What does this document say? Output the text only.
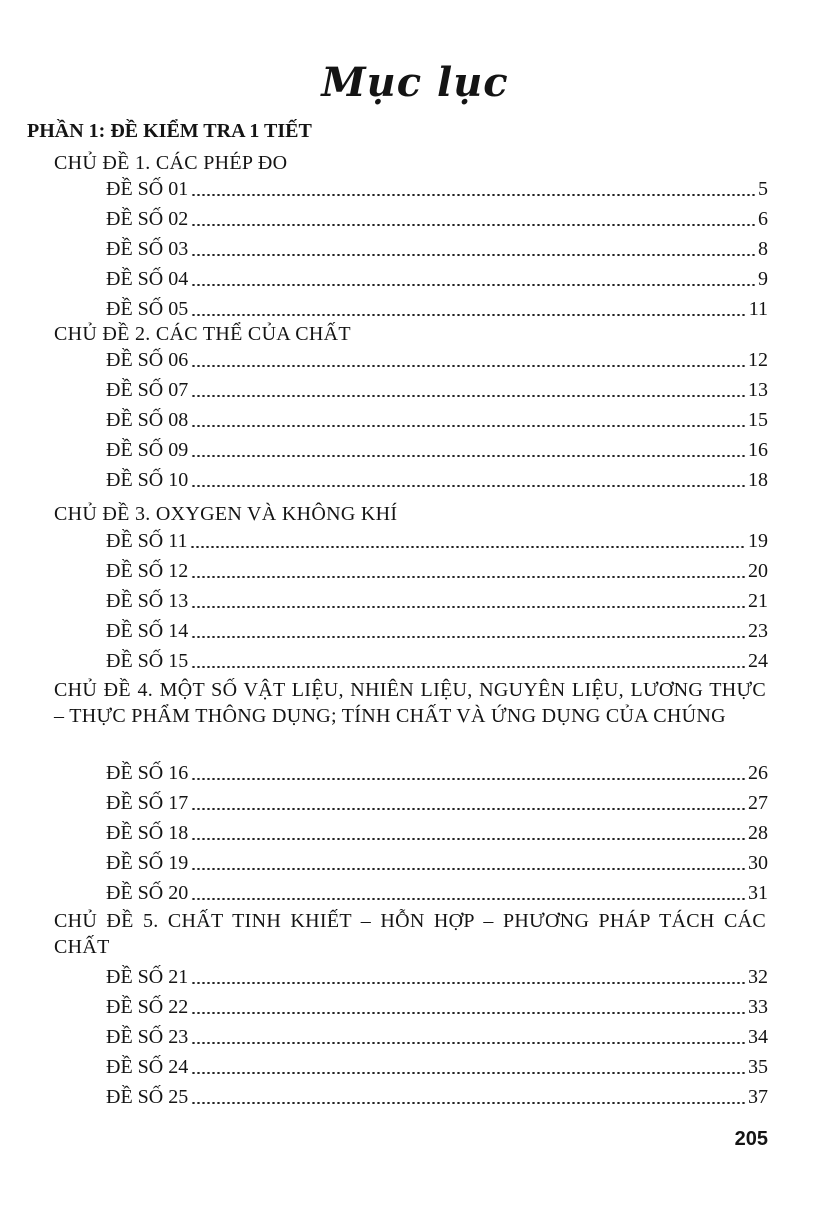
Mục lục
PHẦN 1: ĐỀ KIỂM TRA 1 TIẾT
CHỦ ĐỀ 1. CÁC PHÉP ĐO
ĐỀ SỐ 01	5
ĐỀ SỐ 02	6
ĐỀ SỐ 03	8
ĐỀ SỐ 04	9
ĐỀ SỐ 05	11
CHỦ ĐỀ 2. CÁC THỂ CỦA CHẤT
ĐỀ SỐ 06	12
ĐỀ SỐ 07	13
ĐỀ SỐ 08	15
ĐỀ SỐ 09	16
ĐỀ SỐ 10	18
CHỦ ĐỀ 3. OXYGEN VÀ KHÔNG KHÍ
ĐỀ SỐ 11	19
ĐỀ SỐ 12	20
ĐỀ SỐ 13	21
ĐỀ SỐ 14	23
ĐỀ SỐ 15	24
CHỦ ĐỀ 4. MỘT SỐ VẬT LIỆU, NHIÊN LIỆU, NGUYÊN LIỆU, LƯƠNG THỰC – THỰC PHẨM THÔNG DỤNG; TÍNH CHẤT VÀ ỨNG DỤNG CỦA CHÚNG
ĐỀ SỐ 16	26
ĐỀ SỐ 17	27
ĐỀ SỐ 18	28
ĐỀ SỐ 19	30
ĐỀ SỐ 20	31
CHỦ ĐỀ 5. CHẤT TINH KHIẾT – HỖN HỢP – PHƯƠNG PHÁP TÁCH CÁC CHẤT
ĐỀ SỐ 21	32
ĐỀ SỐ 22	33
ĐỀ SỐ 23	34
ĐỀ SỐ 24	35
ĐỀ SỐ 25	37
205
